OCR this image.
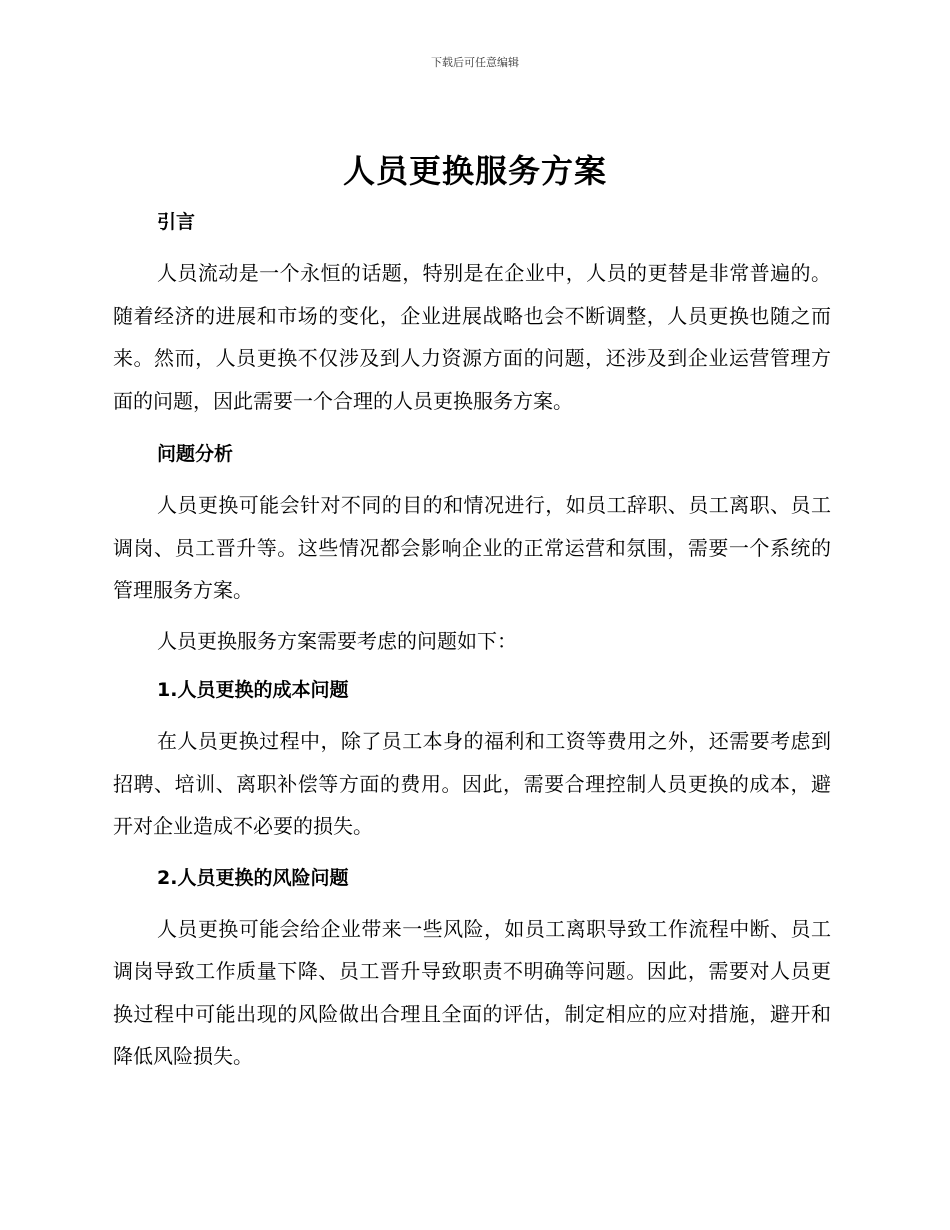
下载后可任意编辑
人员更换服务方案

引言

人员流动是一个永恒的话题，特别是在企业中，人员的更替是非常普遍的。随着经济的进展和市场的变化，企业进展战略也会不断调整，人员更换也随之而来。然而，人员更换不仅涉及到人力资源方面的问题，还涉及到企业运营管理方面的问题，因此需要一个合理的人员更换服务方案。

问题分析

人员更换可能会针对不同的目的和情况进行，如员工辞职、员工离职、员工调岗、员工晋升等。这些情况都会影响企业的正常运营和氛围，需要一个系统的管理服务方案。

人员更换服务方案需要考虑的问题如下：

1.人员更换的成本问题

在人员更换过程中，除了员工本身的福利和工资等费用之外，还需要考虑到招聘、培训、离职补偿等方面的费用。因此，需要合理控制人员更换的成本，避开对企业造成不必要的损失。

2.人员更换的风险问题

人员更换可能会给企业带来一些风险，如员工离职导致工作流程中断、员工调岗导致工作质量下降、员工晋升导致职责不明确等问题。因此，需要对人员更换过程中可能出现的风险做出合理且全面的评估，制定相应的应对措施，避开和降低风险损失。
